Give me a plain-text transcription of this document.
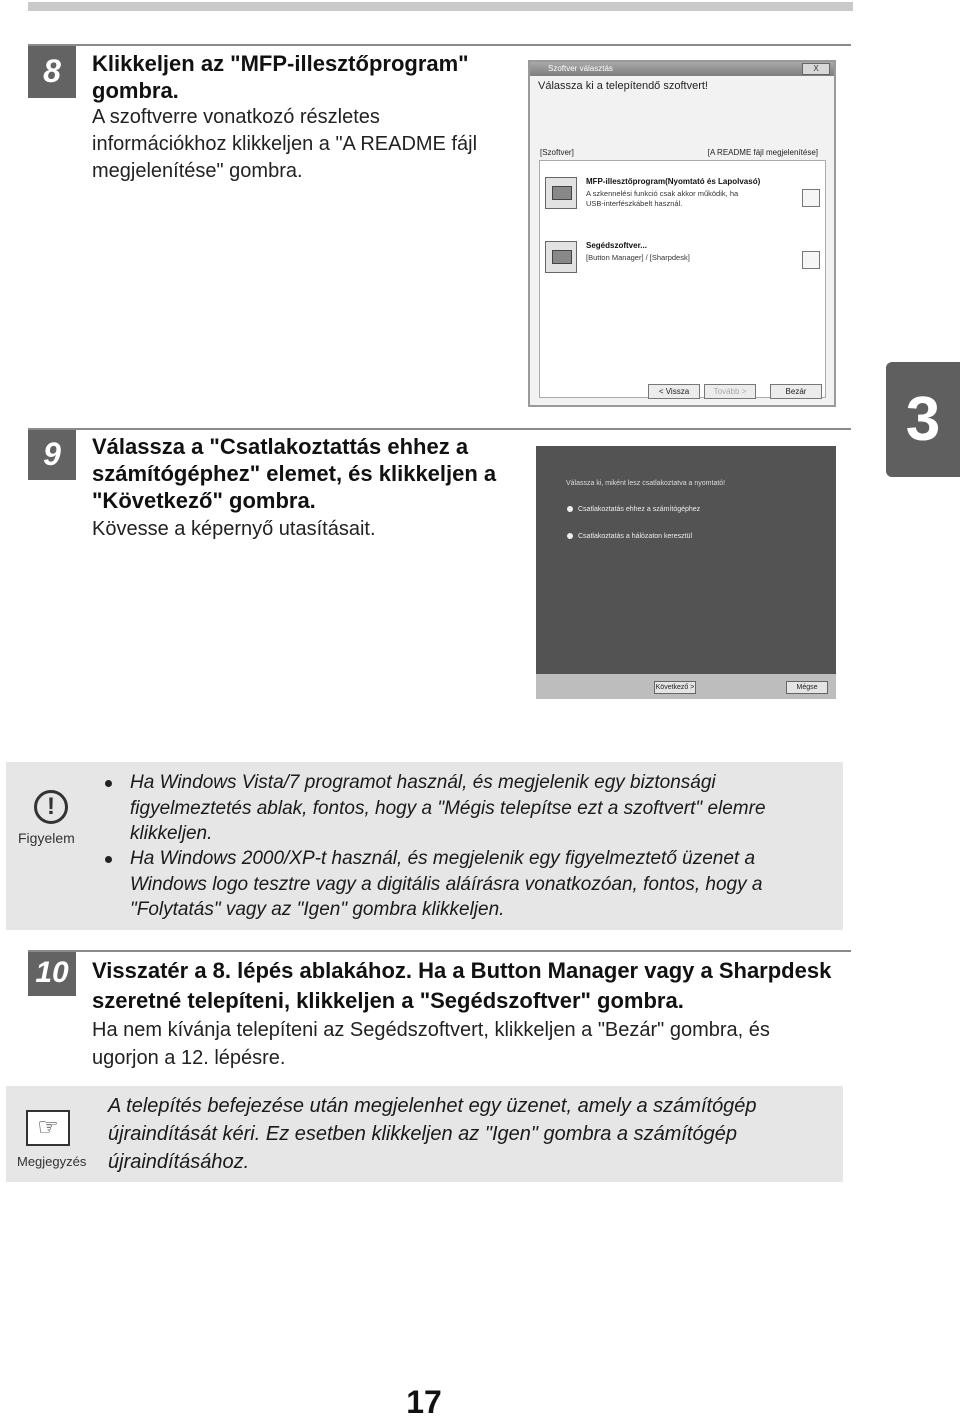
8	Klikkeljen az "MFP-illesztőprogram" gombra.
A szoftverre vonatkozó részletes információkhoz klikkeljen a "A README fájl megjelenítése" gombra.
Szoftver választás	X
Válassza ki a telepítendő szoftvert!
[Szoftver]	[A README fájl megjelenítése]
MFP-illesztőprogram(Nyomtató és Lapolvasó)
A szkennelési funkció csak akkor működik, ha
USB-interfészkábelt használ.
Segédszoftver...
[Button Manager] / [Sharpdesk]
< Vissza	Tovább >	Bezár
9	Válassza a "Csatlakoztattás ehhez a számítógéphez" elemet, és klikkeljen a "Következő" gombra.
Kövesse a képernyő utasításait.
Válassza ki, miként lesz csatlakoztatva a nyomtató!
Csatlakoztatás ehhez a számítógéphez
Csatlakoztatás a hálózaton keresztül
Következő >	Mégse
3
!
Figyelem
Ha Windows Vista/7 programot használ, és megjelenik egy biztonsági figyelmeztetés ablak, fontos, hogy a "Mégis telepítse ezt a szoftvert" elemre klikkeljen.
Ha Windows 2000/XP-t használ, és megjelenik egy figyelmeztető üzenet a Windows logo tesztre vagy a digitális aláírásra vonatkozóan, fontos, hogy a "Folytatás" vagy az "Igen" gombra klikkeljen.
10	Visszatér a 8. lépés ablakához. Ha a Button Manager vagy a Sharpdesk szeretné telepíteni, klikkeljen a "Segédszoftver" gombra.
Ha nem kívánja telepíteni az Segédszoftvert, klikkeljen a "Bezár" gombra, és ugorjon a 12. lépésre.
☞
Megjegyzés
A telepítés befejezése után megjelenhet egy üzenet, amely a számítógép újraindítását kéri. Ez esetben klikkeljen az "Igen" gombra a számítógép újraindításához.
17
